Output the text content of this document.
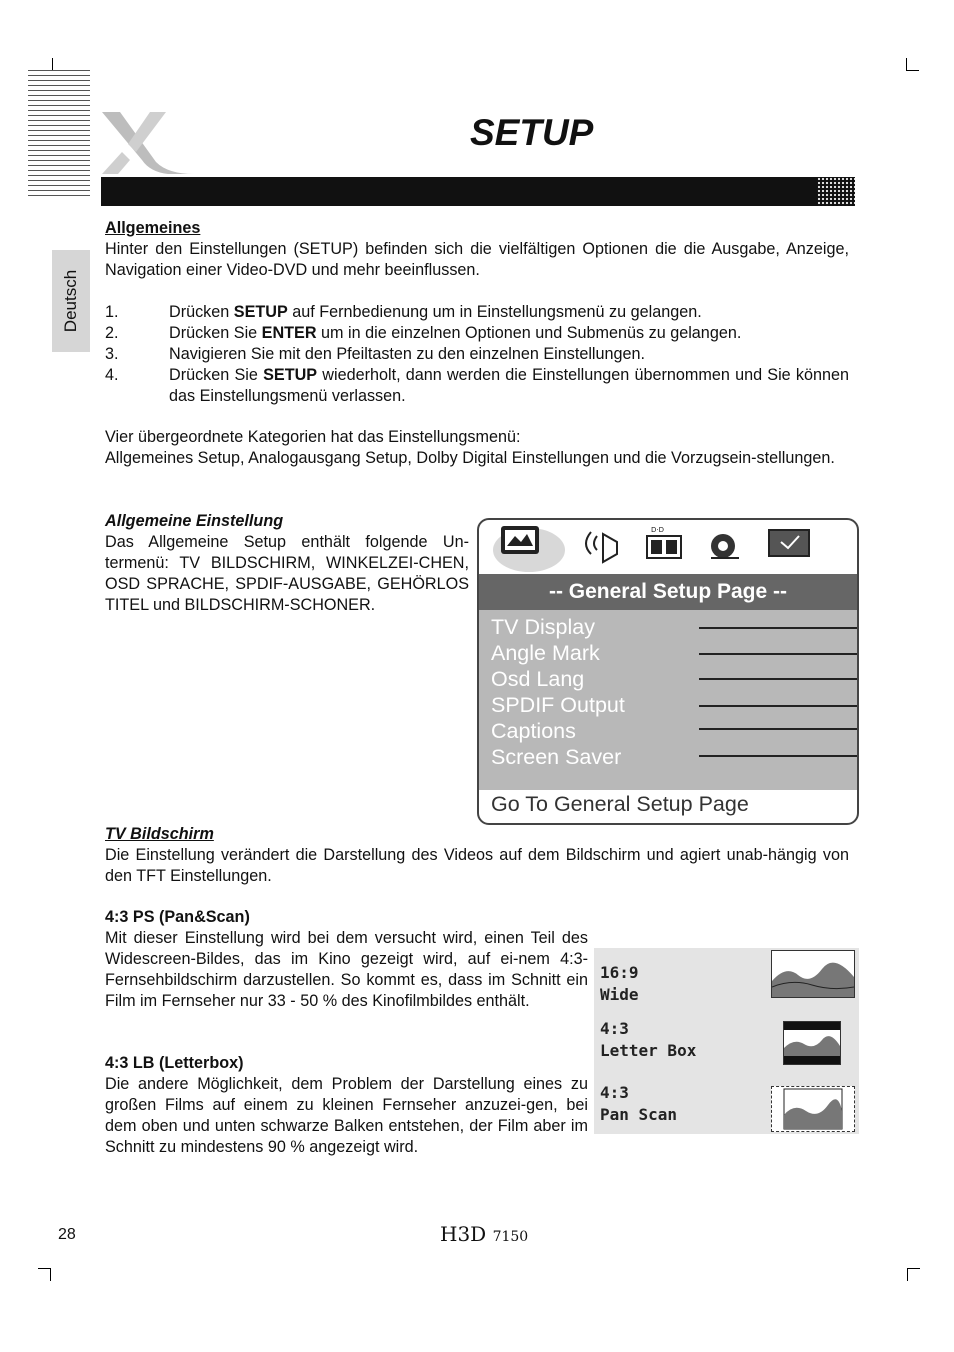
SETUP
Deutsch
Allgemeines
Hinter den Einstellungen (SETUP) befinden sich die vielfältigen Optionen die die Ausgabe, Anzeige, Navigation einer Video-DVD und mehr beeinflussen.
1.	Drücken SETUP auf Fernbedienung um in Einstellungsmenü zu gelangen.
2.	Drücken Sie ENTER um in die einzelnen Optionen und Submenüs zu gelangen.
3.	Navigieren Sie mit den Pfeiltasten zu den einzelnen Einstellungen.
4.	Drücken Sie SETUP wiederholt, dann werden die Einstellungen übernommen und Sie können das Einstellungsmenü verlassen.
Vier übergeordnete Kategorien hat das Einstellungsmenü:
Allgemeines Setup, Analogausgang Setup, Dolby Digital Einstellungen und die Vorzugsein-stellungen.
Allgemeine Einstellung
Das Allgemeine Setup enthält folgende Un-termenü: TV BILDSCHIRM, WINKELZEI-CHEN, OSD SPRACHE, SPDIF-AUSGABE, GEHÖRLOS TITEL und BILDSCHIRM-SCHONER.
D·D
-- General Setup Page --
TV Display
Angle Mark
Osd Lang
SPDIF Output
Captions
Screen Saver
Go To General Setup Page
TV Bildschirm
Die Einstellung verändert die Darstellung des Videos auf dem Bildschirm und agiert unab-hängig von den TFT Einstellungen.
4:3 PS (Pan&Scan)
Mit dieser Einstellung wird bei dem versucht wird, einen Teil des Widescreen-Bildes, das im Kino gezeigt wird, auf ei-nem 4:3-Fernsehbildschirm darzustellen. So kommt es, dass im Schnitt ein Film im Fernseher nur 33 - 50 % des Kinofilmbildes enthält.
4:3 LB (Letterbox)
Die andere Möglichkeit, dem Problem der Darstellung eines zu großen Films auf einem zu kleinen Fernseher anzuzei-gen, bei dem oben und unten schwarze Balken entstehen, der Film aber im Schnitt zu mindestens 90 % angezeigt wird.
16:9
Wide
4:3
Letter Box
4:3
Pan Scan
28	H3D 7150
